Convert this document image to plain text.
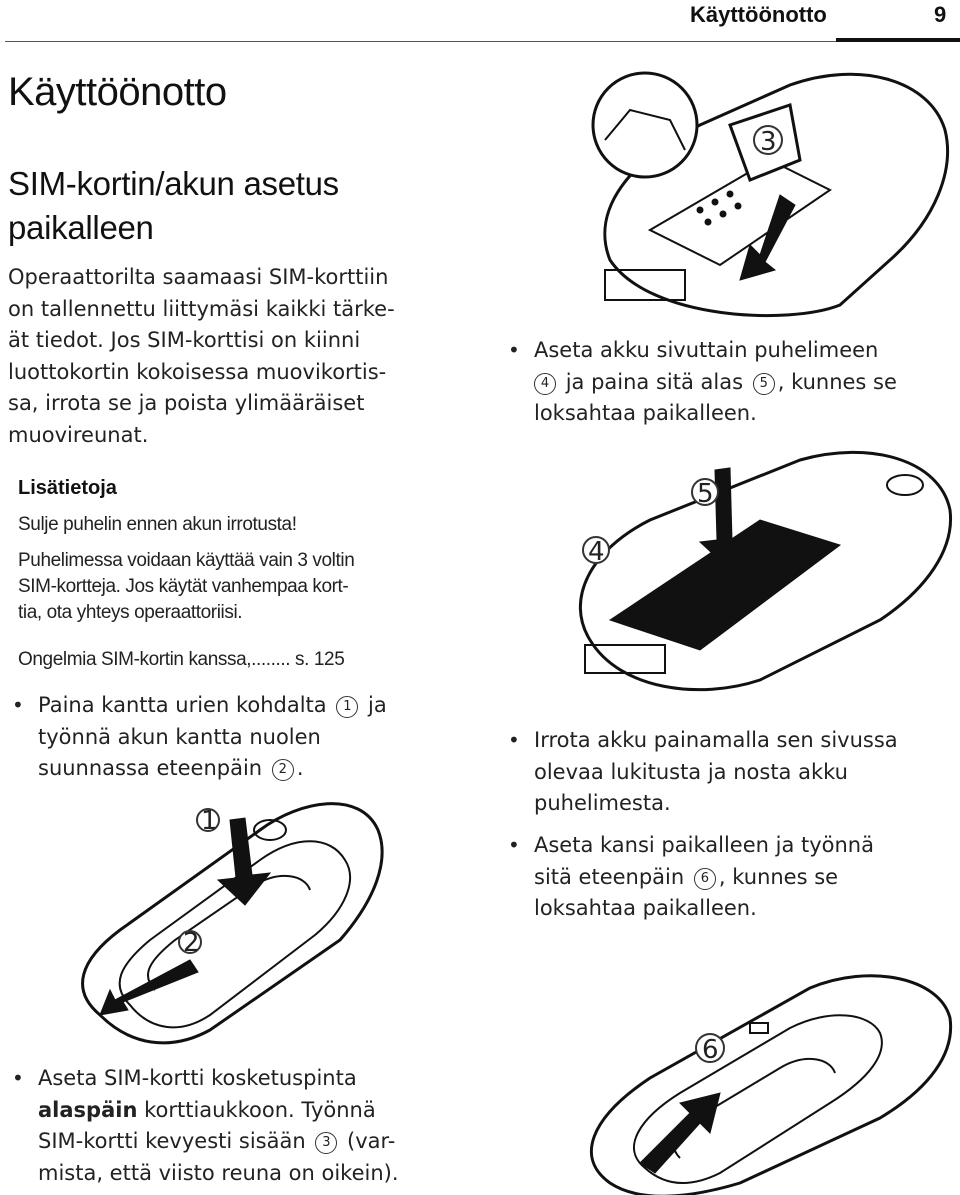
Käyttöönotto	9
Käyttöönotto
SIM-kortin/akun asetus paikalleen
Operaattorilta saamaasi SIM-korttiin
on tallennettu liittymäsi kaikki tärke-
ät tiedot. Jos SIM-korttisi on kiinni
luottokortin kokoisessa muovikortis-
sa, irrota se ja poista ylimääräiset
muovireunat.
Lisätietoja
Sulje puhelin ennen akun irrotusta!
Puhelimessa voidaan käyttää vain 3 voltin
SIM-kortteja. Jos käytät vanhempaa kort-
tia, ota yhteys operaattoriisi.
Ongelmia SIM-kortin kanssa,........ s. 125
• Paina kantta urien kohdalta 1 ja
työnnä akun kantta nuolen
suunnassa eteenpäin 2 .
• Aseta SIM-kortti kosketuspinta
alaspäin korttiaukkoon. Työnnä
SIM-kortti kevyesti sisään 3 (var-
mista, että viisto reuna on oikein).
• Aseta akku sivuttain puhelimeen
4 ja paina sitä alas 5 , kunnes se
loksahtaa paikalleen.
• Irrota akku painamalla sen sivussa
olevaa lukitusta ja nosta akku
puhelimesta.
• Aseta kansi paikalleen ja työnnä
sitä eteenpäin 6 , kunnes se
loksahtaa paikalleen.
1
2
3
4
5
6
